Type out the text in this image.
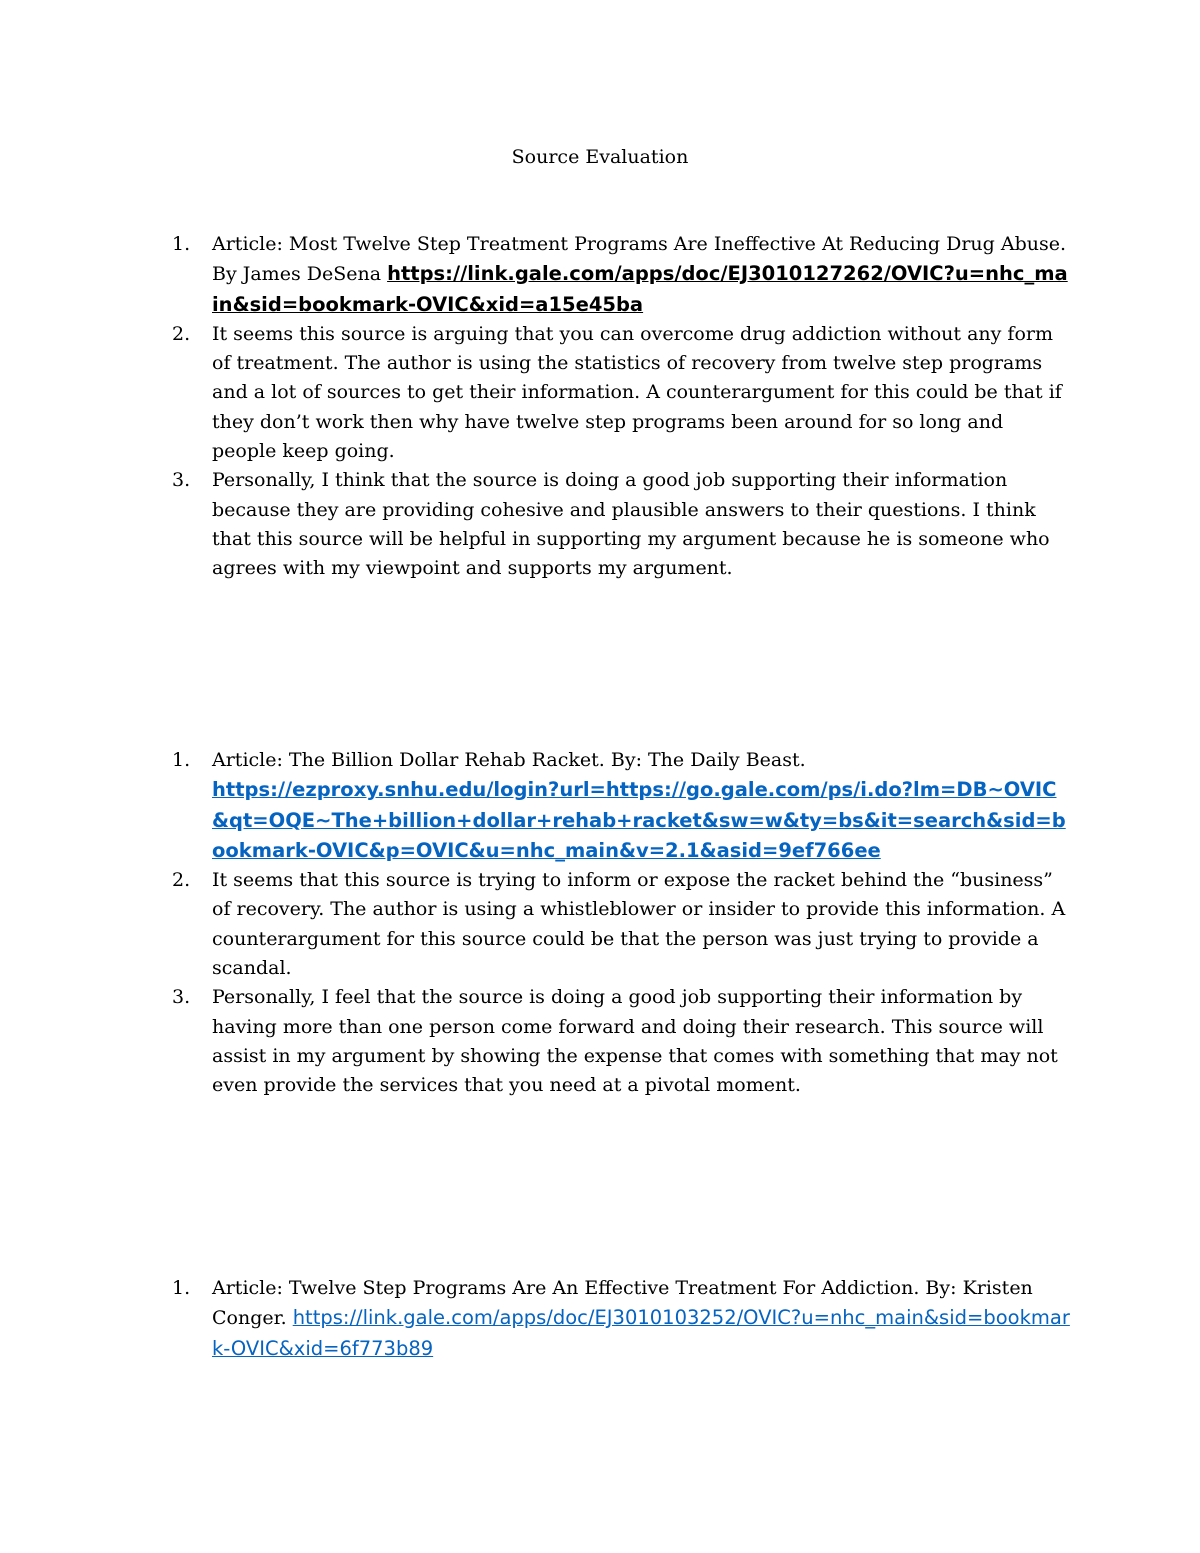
Source Evaluation
1. Article: Most Twelve Step Treatment Programs Are Ineffective At Reducing Drug Abuse. By James DeSena https://link.gale.com/apps/doc/EJ3010127262/OVIC?u=nhc_main&sid=bookmark-OVIC&xid=a15e45ba
2. It seems this source is arguing that you can overcome drug addiction without any form of treatment. The author is using the statistics of recovery from twelve step programs and a lot of sources to get their information. A counterargument for this could be that if they don’t work then why have twelve step programs been around for so long and people keep going.
3. Personally, I think that the source is doing a good job supporting their information because they are providing cohesive and plausible answers to their questions. I think that this source will be helpful in supporting my argument because he is someone who agrees with my viewpoint and supports my argument.
1. Article: The Billion Dollar Rehab Racket. By: The Daily Beast.
https://ezproxy.snhu.edu/login?url=https://go.gale.com/ps/i.do?lm=DB~OVIC&qt=OQE~The+billion+dollar+rehab+racket&sw=w&ty=bs&it=search&sid=bookmark-OVIC&p=OVIC&u=nhc_main&v=2.1&asid=9ef766ee
2. It seems that this source is trying to inform or expose the racket behind the “business” of recovery. The author is using a whistleblower or insider to provide this information. A counterargument for this source could be that the person was just trying to provide a scandal.
3. Personally, I feel that the source is doing a good job supporting their information by having more than one person come forward and doing their research. This source will assist in my argument by showing the expense that comes with something that may not even provide the services that you need at a pivotal moment.
1. Article: Twelve Step Programs Are An Effective Treatment For Addiction. By: Kristen Conger. https://link.gale.com/apps/doc/EJ3010103252/OVIC?u=nhc_main&sid=bookmark-OVIC&xid=6f773b89
